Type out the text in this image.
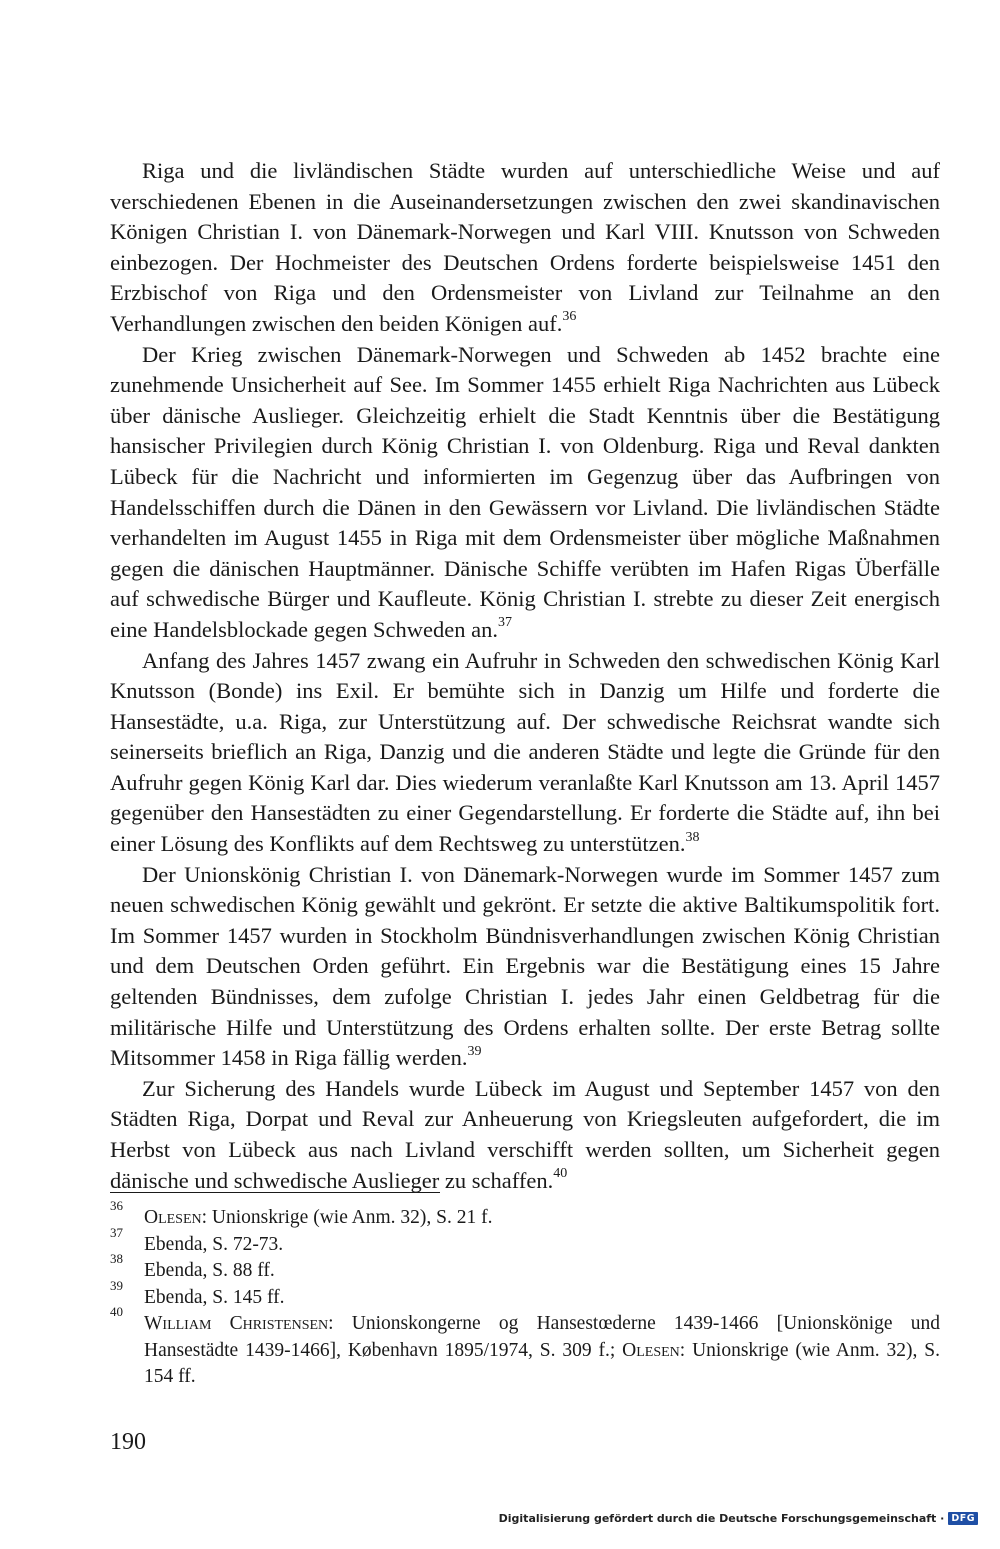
Riga und die livländischen Städte wurden auf unterschiedliche Weise und auf verschiedenen Ebenen in die Auseinandersetzungen zwischen den zwei skandinavischen Königen Christian I. von Dänemark-Norwegen und Karl VIII. Knutsson von Schweden einbezogen. Der Hochmeister des Deutschen Ordens forderte beispielsweise 1451 den Erzbischof von Riga und den Ordensmeister von Livland zur Teilnahme an den Verhandlungen zwischen den beiden Königen auf.$^{36}$

Der Krieg zwischen Dänemark-Norwegen und Schweden ab 1452 brachte eine zunehmende Unsicherheit auf See. Im Sommer 1455 erhielt Riga Nachrichten aus Lübeck über dänische Auslieger. Gleichzeitig erhielt die Stadt Kenntnis über die Bestätigung hansischer Privilegien durch König Christian I. von Oldenburg. Riga und Reval dankten Lübeck für die Nachricht und informierten im Gegenzug über das Aufbringen von Handelsschiffen durch die Dänen in den Gewässern vor Livland. Die livländischen Städte verhandelten im August 1455 in Riga mit dem Ordensmeister über mögliche Maßnahmen gegen die dänischen Hauptmänner. Dänische Schiffe verübten im Hafen Rigas Überfälle auf schwedische Bürger und Kaufleute. König Christian I. strebte zu dieser Zeit energisch eine Handelsblockade gegen Schweden an.$^{37}$

Anfang des Jahres 1457 zwang ein Aufruhr in Schweden den schwedischen König Karl Knutsson (Bonde) ins Exil. Er bemühte sich in Danzig um Hilfe und forderte die Hansestädte, u.a. Riga, zur Unterstützung auf. Der schwedische Reichsrat wandte sich seinerseits brieflich an Riga, Danzig und die anderen Städte und legte die Gründe für den Aufruhr gegen König Karl dar. Dies wiederum veranlaßte Karl Knutsson am 13. April 1457 gegenüber den Hansestädten zu einer Gegendarstellung. Er forderte die Städte auf, ihn bei einer Lösung des Konflikts auf dem Rechtsweg zu unterstützen.$^{38}$

Der Unionskönig Christian I. von Dänemark-Norwegen wurde im Sommer 1457 zum neuen schwedischen König gewählt und gekrönt. Er setzte die aktive Baltikumspolitik fort. Im Sommer 1457 wurden in Stockholm Bündnisverhandlungen zwischen König Christian und dem Deutschen Orden geführt. Ein Ergebnis war die Bestätigung eines 15 Jahre geltenden Bündnisses, dem zufolge Christian I. jedes Jahr einen Geldbetrag für die militärische Hilfe und Unterstützung des Ordens erhalten sollte. Der erste Betrag sollte Mitsommer 1458 in Riga fällig werden.$^{39}$

Zur Sicherung des Handels wurde Lübeck im August und September 1457 von den Städten Riga, Dorpat und Reval zur Anheuerung von Kriegsleuten aufgefordert, die im Herbst von Lübeck aus nach Livland verschifft werden sollten, um Sicherheit gegen dänische und schwedische Auslieger zu schaffen.$^{40}$

36
Olesen: Unionskrige (wie Anm. 32), S. 21 f.

37
Ebenda, S. 72-73.

38
Ebenda, S. 88 ff.

39
Ebenda, S. 145 ff.

40
William Christensen: Unionskongerne og Hansestœderne 1439-1466 [Unionskönige und Hansestädte 1439-1466], København 1895/1974, S. 309 f.; Olesen: Unionskrige (wie Anm. 32), S. 154 ff.

190
Digitalisierung gefördert durch die Deutsche Forschungsgemeinschaft · DFG
